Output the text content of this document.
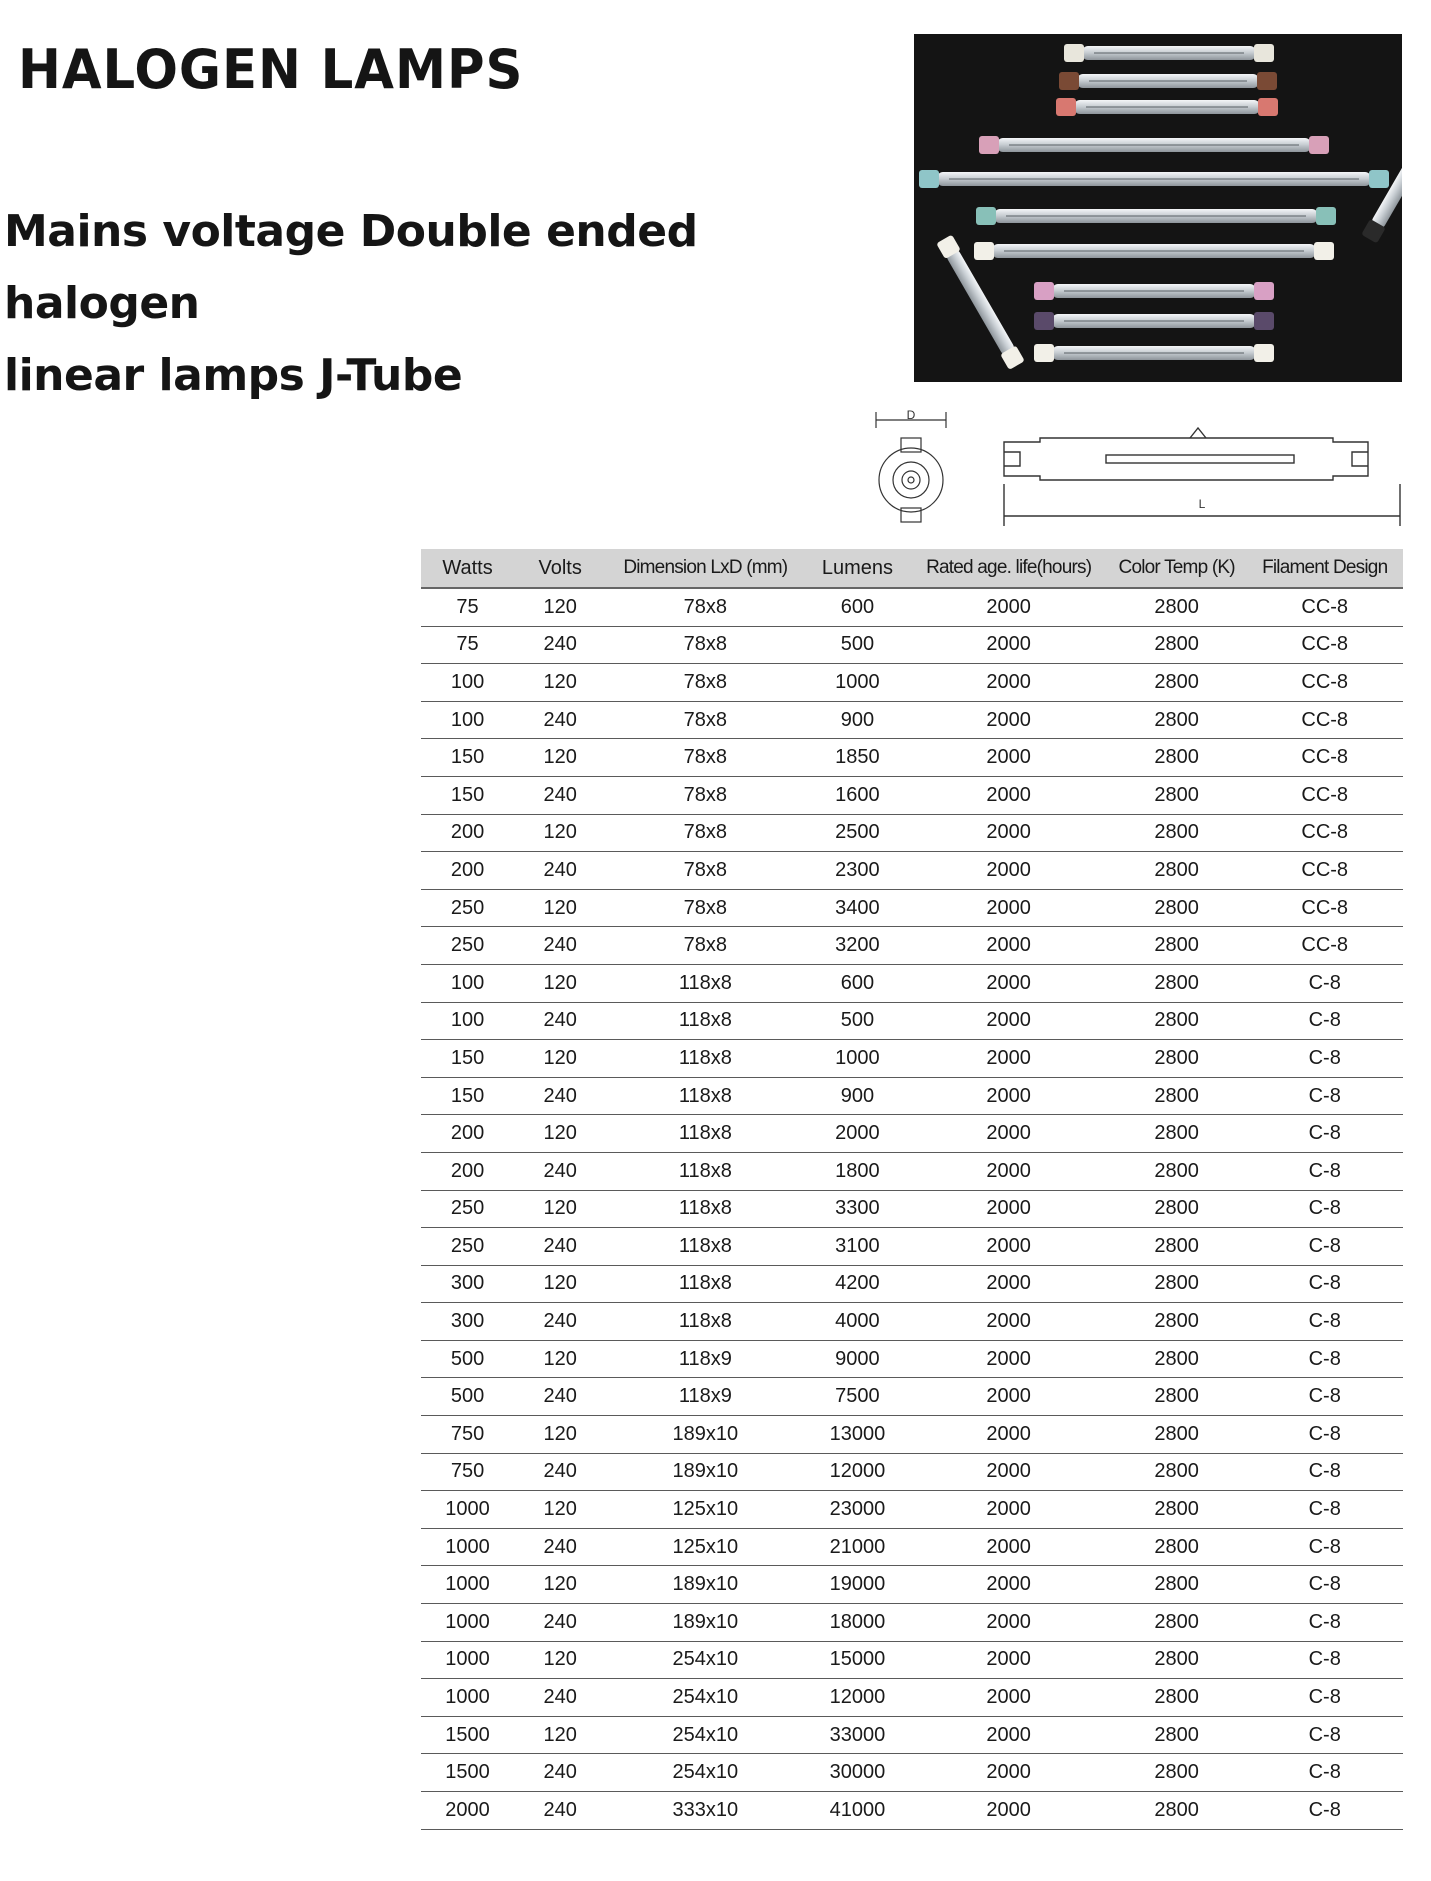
HALOGEN LAMPS
Mains voltage Double ended halogen
linear lamps J-Tube
D
L
Watts	Volts	Dimension LxD (mm)	Lumens	Rated age. life(hours)	Color Temp (K)	Filament Design
75	120	78x8	600	2000	2800	CC-8
75	240	78x8	500	2000	2800	CC-8
100	120	78x8	1000	2000	2800	CC-8
100	240	78x8	900	2000	2800	CC-8
150	120	78x8	1850	2000	2800	CC-8
150	240	78x8	1600	2000	2800	CC-8
200	120	78x8	2500	2000	2800	CC-8
200	240	78x8	2300	2000	2800	CC-8
250	120	78x8	3400	2000	2800	CC-8
250	240	78x8	3200	2000	2800	CC-8
100	120	118x8	600	2000	2800	C-8
100	240	118x8	500	2000	2800	C-8
150	120	118x8	1000	2000	2800	C-8
150	240	118x8	900	2000	2800	C-8
200	120	118x8	2000	2000	2800	C-8
200	240	118x8	1800	2000	2800	C-8
250	120	118x8	3300	2000	2800	C-8
250	240	118x8	3100	2000	2800	C-8
300	120	118x8	4200	2000	2800	C-8
300	240	118x8	4000	2000	2800	C-8
500	120	118x9	9000	2000	2800	C-8
500	240	118x9	7500	2000	2800	C-8
750	120	189x10	13000	2000	2800	C-8
750	240	189x10	12000	2000	2800	C-8
1000	120	125x10	23000	2000	2800	C-8
1000	240	125x10	21000	2000	2800	C-8
1000	120	189x10	19000	2000	2800	C-8
1000	240	189x10	18000	2000	2800	C-8
1000	120	254x10	15000	2000	2800	C-8
1000	240	254x10	12000	2000	2800	C-8
1500	120	254x10	33000	2000	2800	C-8
1500	240	254x10	30000	2000	2800	C-8
2000	240	333x10	41000	2000	2800	C-8
